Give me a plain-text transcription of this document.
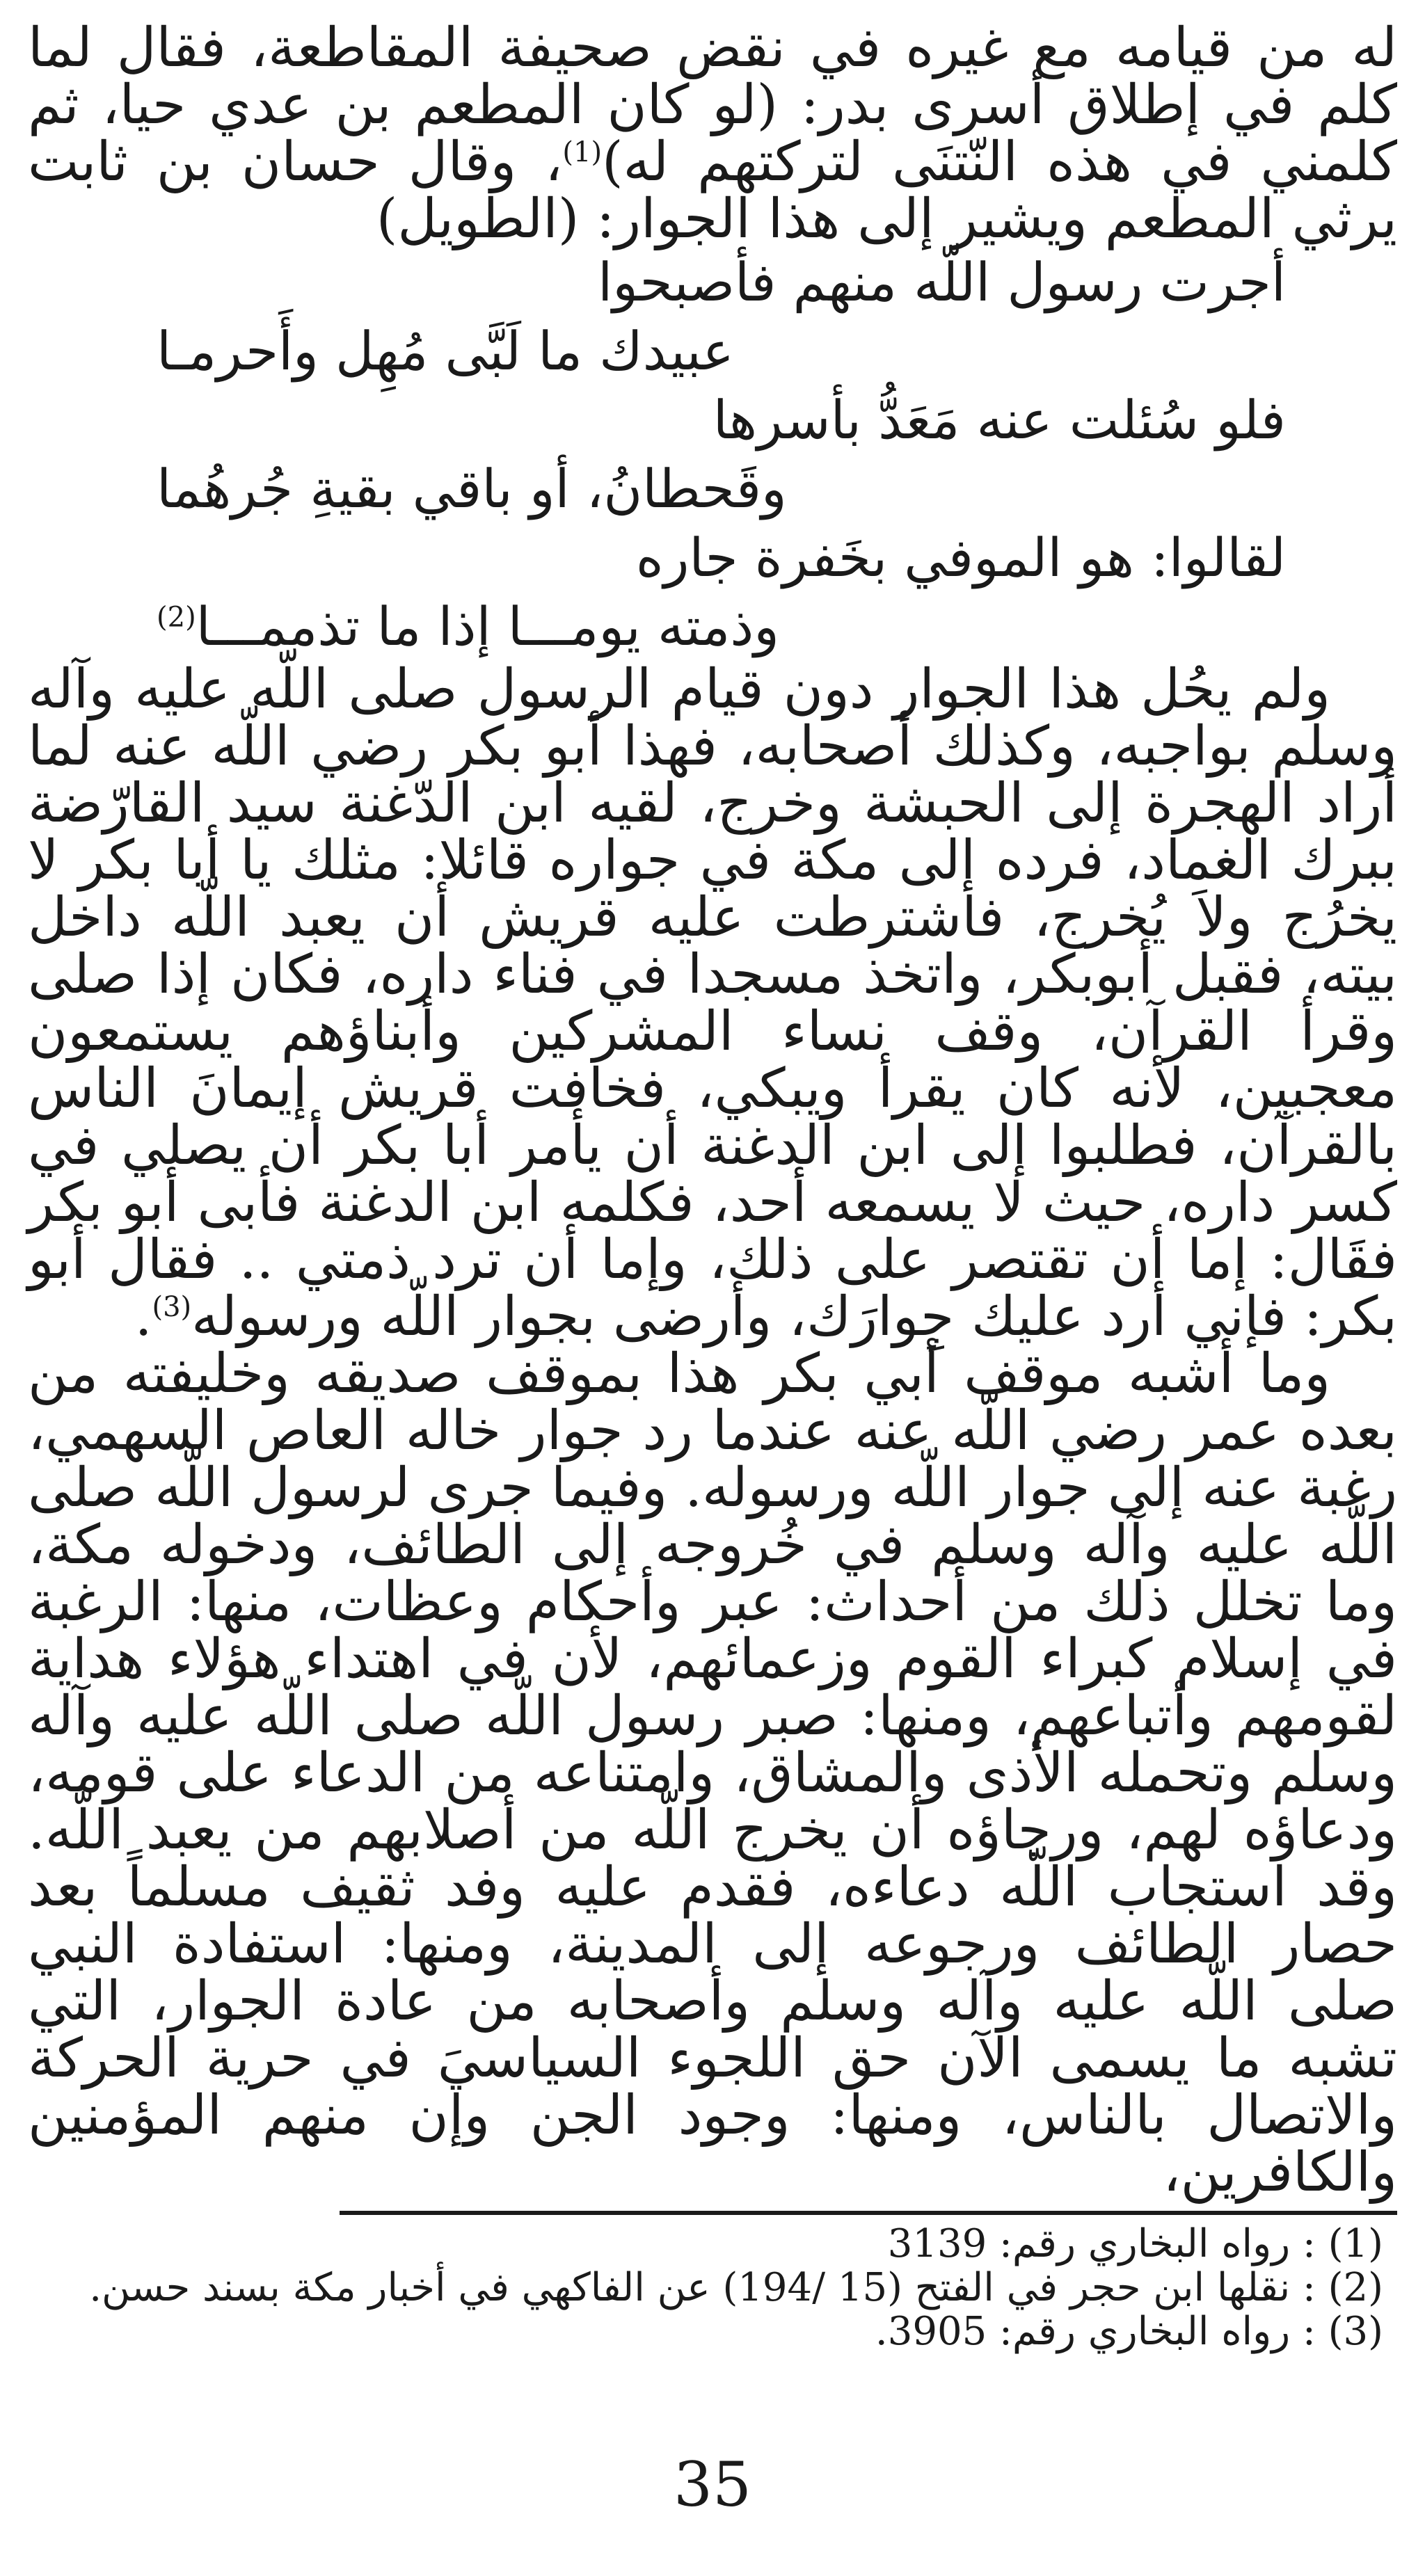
له من قيامه مع غيره في نقض صحيفة المقاطعة، فقال لما كلم في إطلاق أسرى بدر: (لو كان المطعم بن عدي حيا، ثم كلمني في هذه النّتنَى لتركتهم له)$^{(1)}$، وقال حسان بن ثابت يرثي المطعم ويشير إلى هذا الجوار: (الطويل)
أجرت رسول اللّه منهم فأصبحوا
عبيدك ما لَبَّى مُهِل وأَحرمـا
فلو سُئلت عنه مَعَدُّ بأسرها
وقَحطانُ، أو باقي بقيةِ جُرهُما
لقالوا: هو الموفي بخَفرة جاره
وذمته يومـــا إذا ما تذممـــا$^{(2)}$
ولم يحُل هذا الجوار دون قيام الرسول صلى اللّه عليه وآله وسلم بواجبه، وكذلك أصحابه، فهذا أبو بكر رضي اللّه عنه لما أراد الهجرة إلى الحبشة وخرج، لقيه ابن الدّغنة سيد القارّضة ببرك الغماد، فرده إلى مكة في جواره قائلا: مثلك يا أبا بكر لا يخرُج ولاَ يُخرج، فاشترطت عليه قريش أن يعبد اللّه داخل بيته، فقبل أبوبكر، واتخذ مسجدا في فناء داره، فكان إذا صلى وقرأ القرآن، وقف نساء المشركين وأبناؤهم يستمعون معجبين، لأنه كان يقرأ ويبكي، فخافت قريش إيمانَ الناس بالقرآن، فطلبوا إلى ابن الدغنة أن يأمر أبا بكر أن يصلي في كسر داره، حيث لا يسمعه أحد، فكلمه ابن الدغنة فأبى أبو بكر فقَال: إما أن تقتصر على ذلك، وإما أن ترد ذمتي .. فقال أبو بكر: فإني أرد عليك جِوارَك، وأرضى بجوار اللّه ورسوله$^{(3)}$.
وما أشبه موقف أبي بكر هذا بموقف صديقه وخليفته من بعده عمر رضي اللّه عنه عندما رد جوار خاله العاص السهمي، رغبة عنه إلى جوار اللّه ورسوله. وفيما جرى لرسول اللّه صلى اللّه عليه وآله وسلم في خُروجه إلى الطائف، ودخوله مكة، وما تخلل ذلك من أحداث: عبر وأحكام وعظات، منها: الرغبة في إسلام كبراء القوم وزعمائهم، لأن في اهتداء هؤلاء هداية لقومهم وأتباعهم، ومنها: صبر رسول اللّه صلى اللّه عليه وآله وسلم وتحمله الأذى والمشاق، وامتناعه من الدعاء على قومه، ودعاؤه لهم، ورجاؤه أن يخرج اللّه من أصلابهم من يعبد اللّه. وقد استجاب اللّه دعاءه، فقدم عليه وفد ثقيف مسلماً بعد حصار الطائف ورجوعه إلى المدينة، ومنها: استفادة النبي صلى اللّه عليه وآله وسلم وأصحابه من عادة الجوار، التي تشبه ما يسمى الآن حق اللجوء السياسيَ في حرية الحركة والاتصال بالناس، ومنها: وجود الجن وإن منهم المؤمنين والكافرين،
(1) : رواه البخاري رقم: 3139
(2) : نقلها ابن حجر في الفتح (15 /194) عن الفاكهي في أخبار مكة بسند حسن.
(3) : رواه البخاري رقم: 3905.
35
